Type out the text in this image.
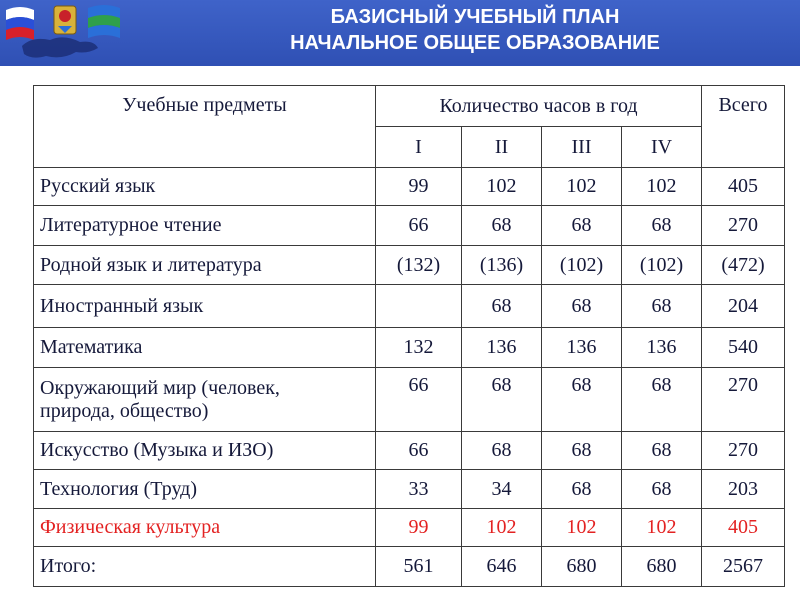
БАЗИСНЫЙ УЧЕБНЫЙ ПЛАН
НАЧАЛЬНОЕ ОБЩЕЕ ОБРАЗОВАНИЕ
Учебные предметы	Количество часов в год				Всего
	I	II	III	IV	
Русский язык	99	102	102	102	405
Литературное чтение	66	68	68	68	270
Родной язык и литература	(132)	(136)	(102)	(102)	(472)
Иностранный язык		68	68	68	204
Математика	132	136	136	136	540

Окружающий мир (человек,
природа, общество)	66	68	68	68	270
Искусство (Музыка и ИЗО)	66	68	68	68	270
Технология (Труд)	33	34	68	68	203
Физическая культура	99	102	102	102	405
Итого:	561	646	680	680	2567
